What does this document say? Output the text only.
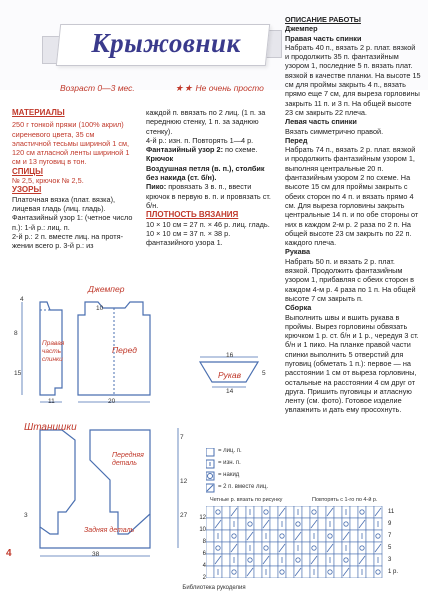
Крыжовник
Возраст 0—3 мес.	★★ Не очень просто

МАТЕРИАЛЫ

250 г тонкой пряжи (100% акрил) сиреневого цвета, 35 см эластичной тесьмы шириной 1 см, 120 см атласной ленты шириной 1 см и 13 пуговиц в тон.

СПИЦЫ

№ 2,5, крючок № 2,5.

УЗОРЫ

Платочная вязка (плат. вязка), лицевая гладь (лиц. гладь). Фантазийный узор 1: (четное число п.): 1-й р.: лиц. п.

2-й р.: 2 п. вместе лиц. на протя-жении всего р. 3-й р.: из

каждой п. ввязать по 2 лиц. (1 п. за переднюю стенку, 1 п. за заднюю стенку).

4-й р.: изн. п. Повторять 1—4 р.

Фантазийный узор 2: по схеме.

Крючок

Воздушная петля (в. п.), столбик без накида (ст. б/н).

Пико: провязать 3 в. п., ввести крючок в первую в. п. и провязать ст. б/н.

ПЛОТНОСТЬ ВЯЗАНИЯ

10 × 10 см = 27 п. × 46 р. лиц. гладь.

10 × 10 см = 37 п. × 38 р. фантазийного узора 1.

ОПИСАНИЕ РАБОТЫ

Джемпер

Правая часть спинки

Набрать 40 п., вязать 2 р. плат. вязкой и продолжить 35 п. фантазийным узором 1, последние 5 п. вязать плат. вязкой в качестве планки. На высоте 15 см для проймы закрыть 4 п., вязать прямо еще 7 см, для выреза горловины закрыть 11 п. и 3 п. На общей высоте 23 см закрыть 22 плеча.

Левая часть спинки

Вязать симметрично правой.

Перед

Набрать 74 п., вязать 2 р. плат. вязкой и продолжить фантазийным узором 1, выполняя центральные 20 п. фантазийным узором 2 по схеме. На высоте 15 см для проймы закрыть с обеих сторон по 4 п. и вязать прямо 4 см. Для выреза горловины закрыть центральные 14 п. и по обе стороны от них в каждом 2-м р. 2 раза по 2 п. На общей высоте 23 см закрыть по 22 п. каждого плеча.

Рукава

Набрать 50 п. и вязать 2 р. плат. вязкой. Продолжить фантазийным узором 1, прибавляя с обеих сторон в каждом 4-м р. 4 раза по 1 п. На общей высоте 7 см закрыть п.

Сборка

Выполнить швы и вшить рукава в проймы. Вырез горловины обвязать крючком 1 р. ст. б/н и 1 р., чередуя 3 ст. б/н и 1 пико. На планке правой части спинки выполнить 5 отверстий для пуговиц (обметать 1 п.): первое — на расстоянии 1 см от выреза горловины, остальные на расстоянии 4 см друг от друга. Пришить пуговицы и атласную ленту (см. фото). Готовое изделие увлажнить и дать ему просохнуть.

Джемпер
Правая часть спинки
Перед
Рукав
Штанишки
Передняя деталь
Задняя деталь
4
8
15
11	20
10
16
5
14
7
12
27
38
3
= лиц. п.
= изн. п.
= накид
= 2 п. вместе лиц.
Четные р. вязать по рисунку	Повторять с 1-го по 4-й р.
11
9
7
5
3
1 р.
12
10
8
6
4
2
4
Библиотека рукоделия
